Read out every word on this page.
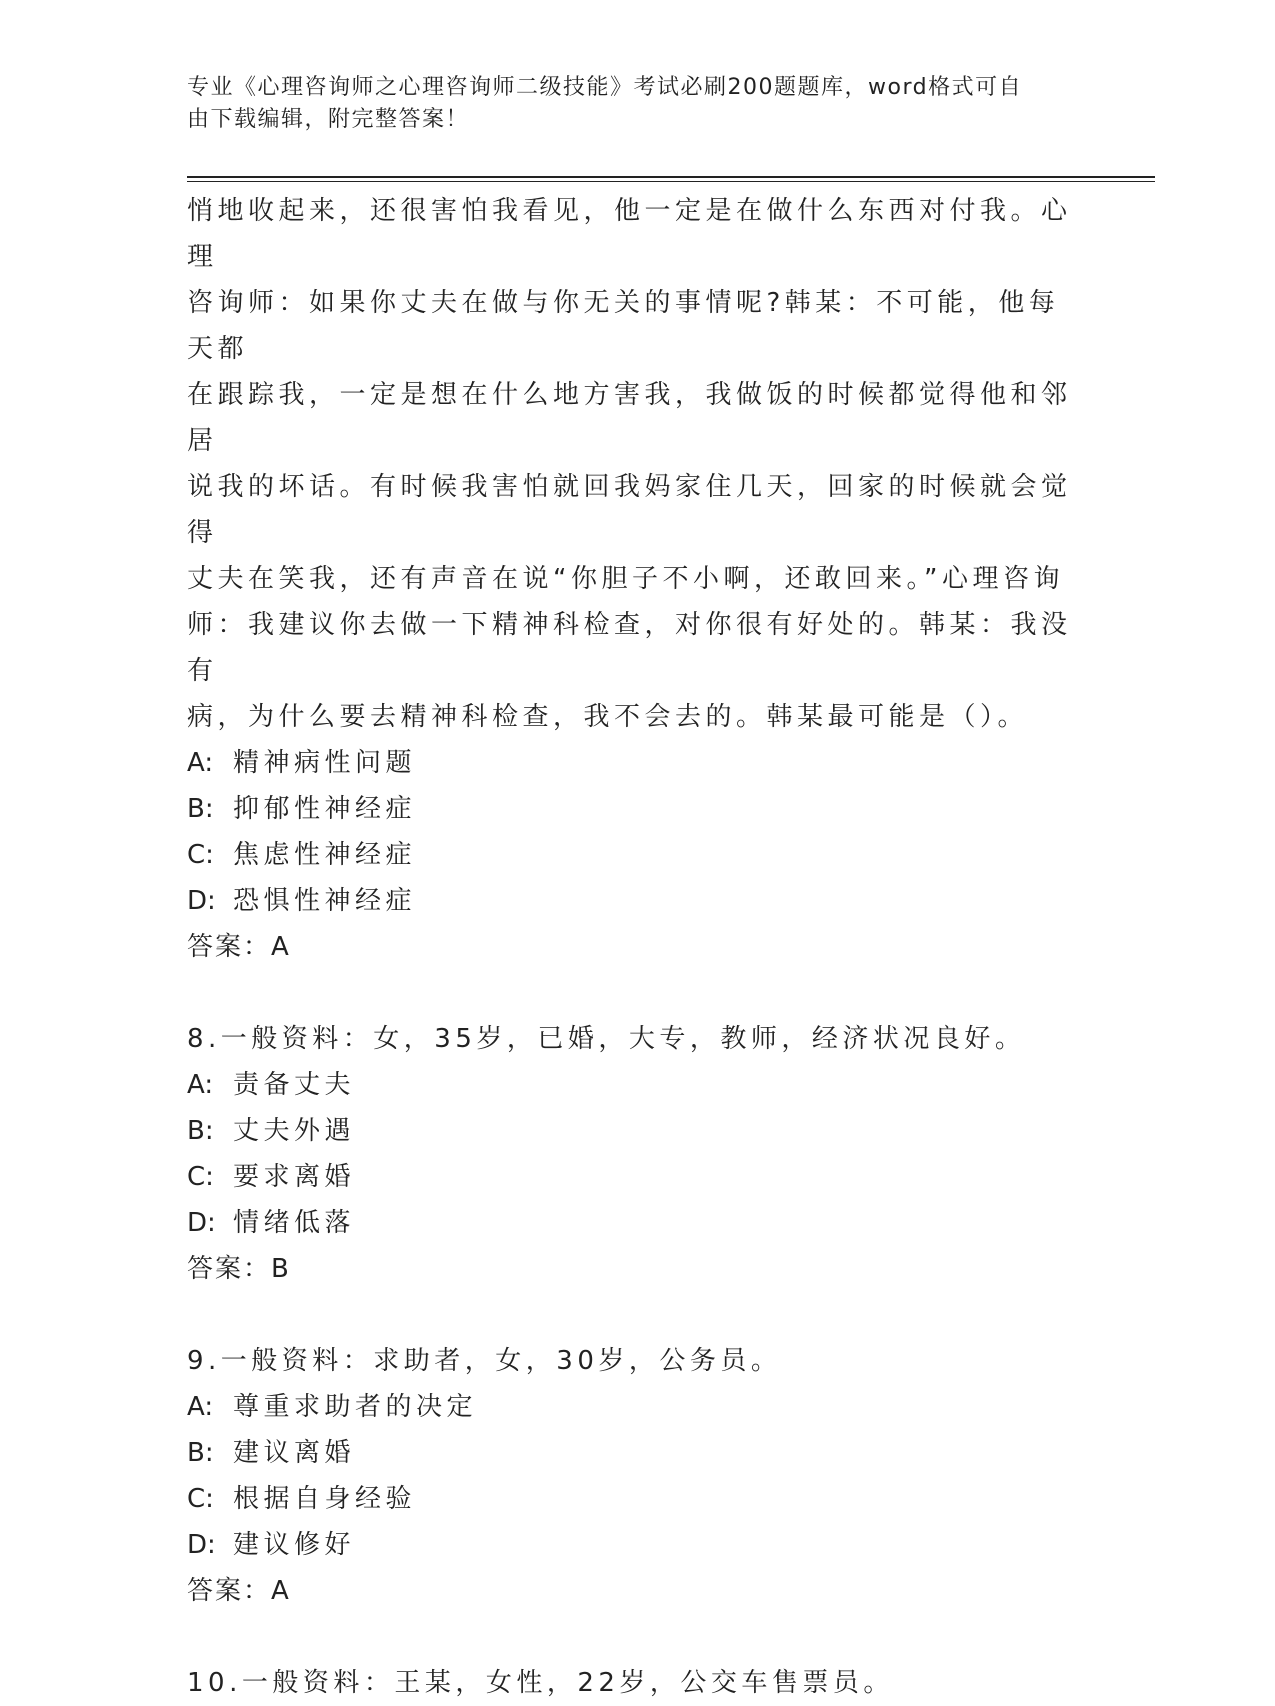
专业《心理咨询师之心理咨询师二级技能》考试必刷200题题库，word格式可自
由下载编辑，附完整答案！

悄地收起来，还很害怕我看见，他一定是在做什么东西对付我。心理

咨询师：如果你丈夫在做与你无关的事情呢?韩某：不可能，他每天都

在跟踪我，一定是想在什么地方害我，我做饭的时候都觉得他和邻居

说我的坏话。有时候我害怕就回我妈家住几天，回家的时候就会觉得

丈夫在笑我，还有声音在说“你胆子不小啊，还敢回来。”心理咨询

师：我建议你去做一下精神科检查，对你很有好处的。韩某：我没有

病，为什么要去精神科检查，我不会去的。韩某最可能是（）。

A: 精神病性问题

B: 抑郁性神经症

C: 焦虑性神经症

D: 恐惧性神经症

答案：A

8.一般资料：女，35岁，已婚，大专，教师，经济状况良好。

A: 责备丈夫

B: 丈夫外遇

C: 要求离婚

D: 情绪低落

答案：B

9.一般资料：求助者，女，30岁，公务员。

A: 尊重求助者的决定

B: 建议离婚

C: 根据自身经验

D: 建议修好

答案：A

10.一般资料：王某，女性，22岁，公交车售票员。
